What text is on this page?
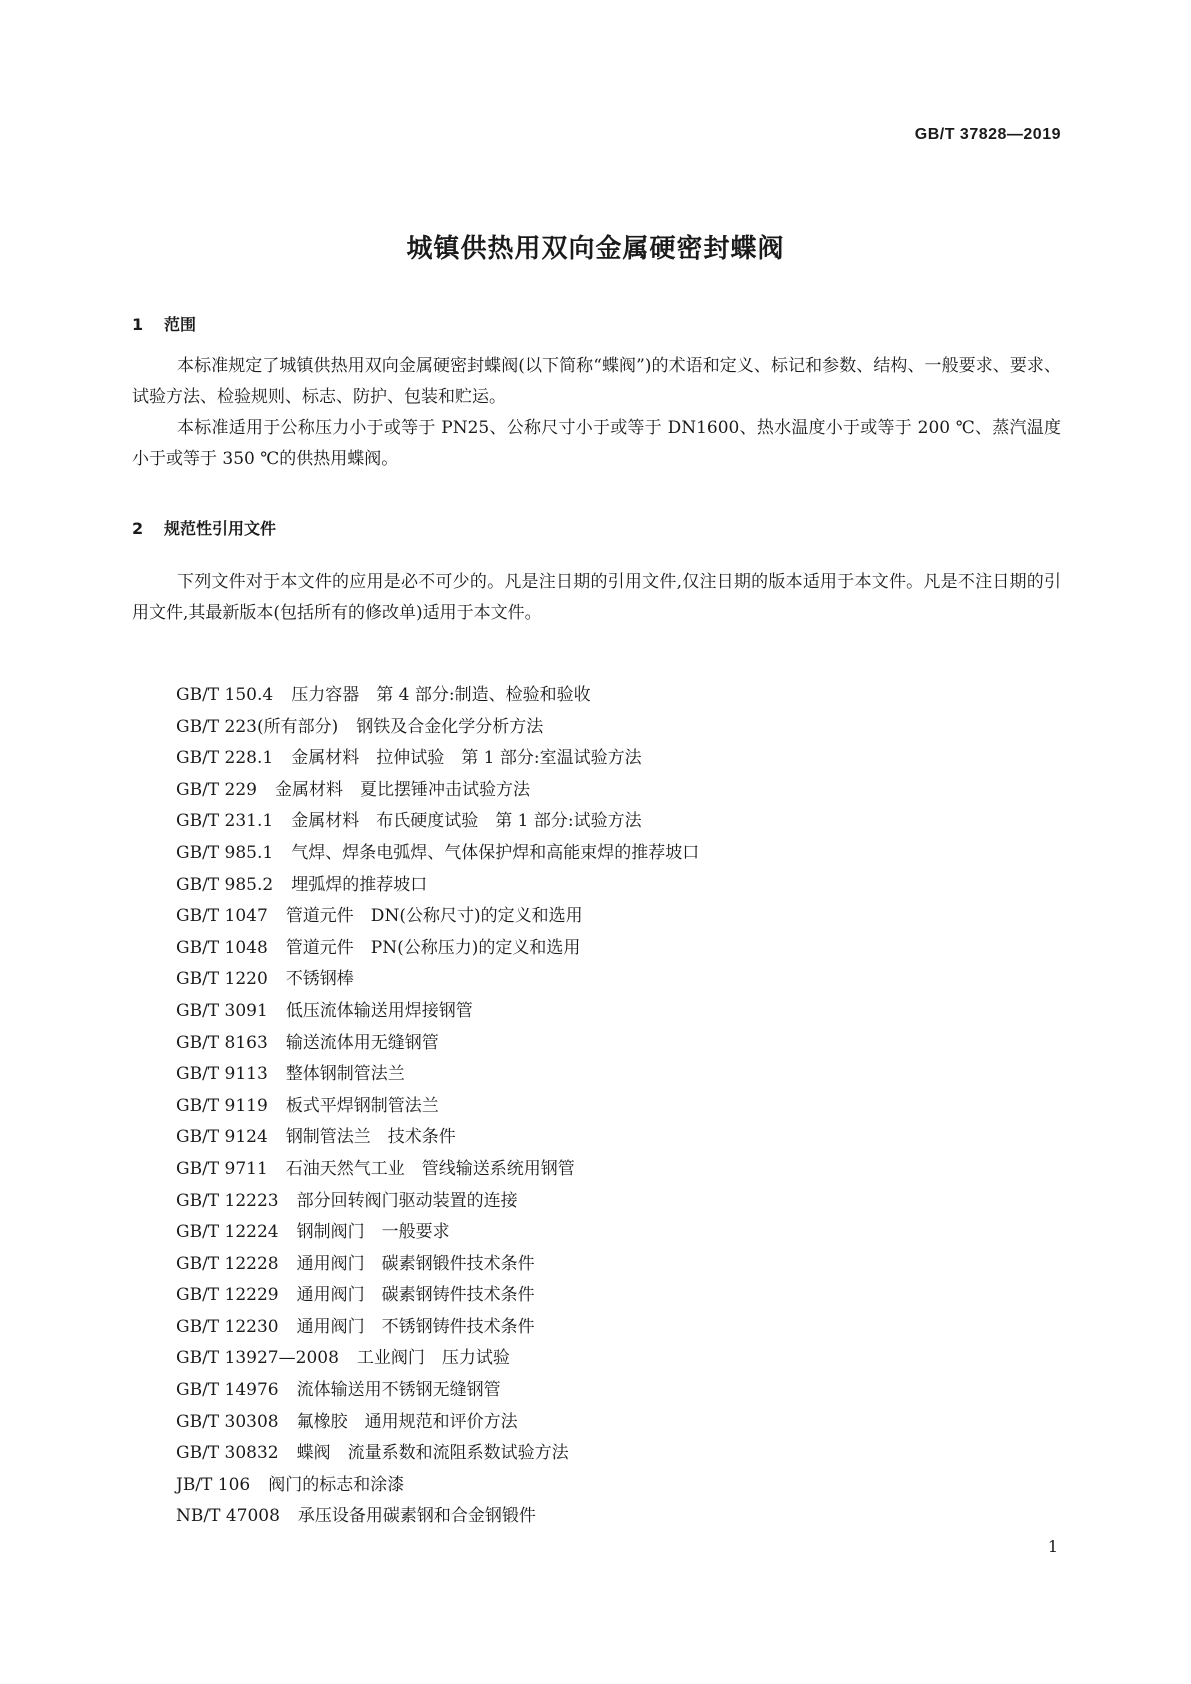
GB/T 37828—2019
城镇供热用双向金属硬密封蝶阀
1 范围

本标准规定了城镇供热用双向金属硬密封蝶阀(以下简称“蝶阀”)的术语和定义、标记和参数、结构、一般要求、要求、试验方法、检验规则、标志、防护、包装和贮运。

本标准适用于公称压力小于或等于 PN25、公称尺寸小于或等于 DN1600、热水温度小于或等于 200 ℃、蒸汽温度小于或等于 350 ℃的供热用蝶阀。

2 规范性引用文件

下列文件对于本文件的应用是必不可少的。凡是注日期的引用文件,仅注日期的版本适用于本文件。凡是不注日期的引用文件,其最新版本(包括所有的修改单)适用于本文件。

GB/T 150.4 压力容器　第 4 部分:制造、检验和验收
GB/T 223(所有部分) 钢铁及合金化学分析方法
GB/T 228.1 金属材料　拉伸试验　第 1 部分:室温试验方法
GB/T 229 金属材料　夏比摆锤冲击试验方法
GB/T 231.1 金属材料　布氏硬度试验　第 1 部分:试验方法
GB/T 985.1 气焊、焊条电弧焊、气体保护焊和高能束焊的推荐坡口
GB/T 985.2 埋弧焊的推荐坡口
GB/T 1047 管道元件　DN(公称尺寸)的定义和选用
GB/T 1048 管道元件　PN(公称压力)的定义和选用
GB/T 1220 不锈钢棒
GB/T 3091 低压流体输送用焊接钢管
GB/T 8163 输送流体用无缝钢管
GB/T 9113 整体钢制管法兰
GB/T 9119 板式平焊钢制管法兰
GB/T 9124 钢制管法兰　技术条件
GB/T 9711 石油天然气工业　管线输送系统用钢管
GB/T 12223 部分回转阀门驱动装置的连接
GB/T 12224 钢制阀门　一般要求
GB/T 12228 通用阀门　碳素钢锻件技术条件
GB/T 12229 通用阀门　碳素钢铸件技术条件
GB/T 12230 通用阀门　不锈钢铸件技术条件
GB/T 13927—2008 工业阀门　压力试验
GB/T 14976 流体输送用不锈钢无缝钢管
GB/T 30308 氟橡胶　通用规范和评价方法
GB/T 30832 蝶阀　流量系数和流阻系数试验方法
JB/T 106 阀门的标志和涂漆
NB/T 47008 承压设备用碳素钢和合金钢锻件
1
